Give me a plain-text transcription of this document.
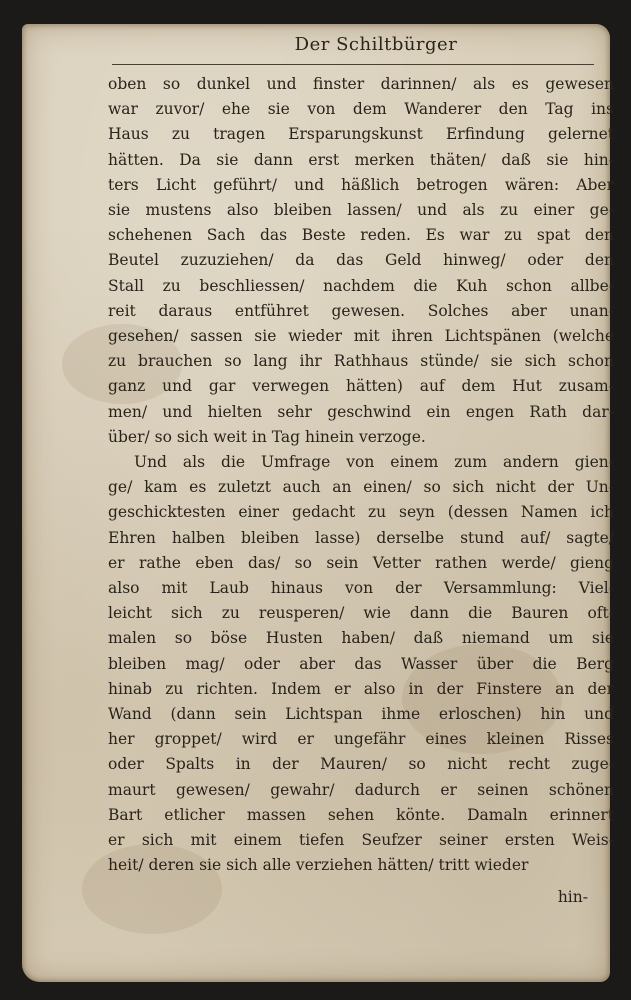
Der Schiltbürger
oben so dunkel und finster darinnen/ als es gewesen
war zuvor/ ehe sie von dem Wanderer den Tag ins
Haus zu tragen Ersparungskunst Erfindung gelernet
hätten. Da sie dann erst merken thäten/ daß sie hin-
ters Licht geführt/ und häßlich betrogen wären: Aber
sie mustens also bleiben lassen/ und als zu einer ge-
schehenen Sach das Beste reden. Es war zu spat den
Beutel zuzuziehen/ da das Geld hinweg/ oder den
Stall zu beschliessen/ nachdem die Kuh schon allbe-
reit daraus entführet gewesen. Solches aber unan-
gesehen/ sassen sie wieder mit ihren Lichtspänen (welche
zu brauchen so lang ihr Rathhaus stünde/ sie sich schon
ganz und gar verwegen hätten) auf dem Hut zusam-
men/ und hielten sehr geschwind ein engen Rath dar-
über/ so sich weit in Tag hinein verzoge.
Und als die Umfrage von einem zum andern gien-
ge/ kam es zuletzt auch an einen/ so sich nicht der Un-
geschicktesten einer gedacht zu seyn (dessen Namen ich
Ehren halben bleiben lasse) derselbe stund auf/ sagte/
er rathe eben das/ so sein Vetter rathen werde/ gieng
also mit Laub hinaus von der Versammlung: Viel-
leicht sich zu reusperen/ wie dann die Bauren oft-
malen so böse Husten haben/ daß niemand um sie
bleiben mag/ oder aber das Wasser über die Berg
hinab zu richten. Indem er also in der Finstere an der
Wand (dann sein Lichtspan ihme erloschen) hin und
her groppet/ wird er ungefähr eines kleinen Risses
oder Spalts in der Mauren/ so nicht recht zuge-
maurt gewesen/ gewahr/ dadurch er seinen schönen
Bart etlicher massen sehen könte. Damaln erinnert
er sich mit einem tiefen Seufzer seiner ersten Weis-
heit/ deren sie sich alle verziehen hätten/ tritt wieder
hin-
